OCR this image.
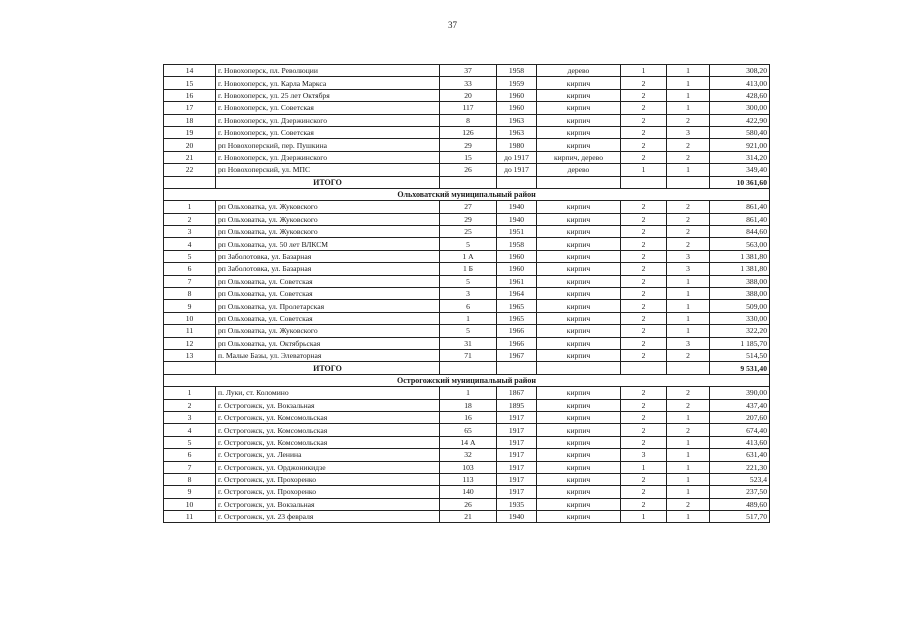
37
14	г. Новохоперск, пл. Революции	37	1958	дерево	1	1	308,20
15	г. Новохоперск, ул. Карла Маркса	33	1959	кирпич	2	1	413,00
16	г. Новохоперск, ул. 25 лет Октября	20	1960	кирпич	2	1	428,60
17	г. Новохоперск, ул. Советская	117	1960	кирпич	2	1	300,00
18	г. Новохоперск, ул. Дзержинского	8	1963	кирпич	2	2	422,90
19	г. Новохоперск, ул. Советская	126	1963	кирпич	2	3	580,40
20	рп Новохоперский, пер. Пушкина	29	1980	кирпич	2	2	921,00
21	г. Новохоперск, ул. Дзержинского	15	до 1917	кирпич, дерево	2	2	314,20
22	рп Новохоперский, ул. МПС	26	до 1917	дерево	1	1	349,40
	ИТОГО						10 361,60
Ольховатский муниципальный район							
1	рп Ольховатка, ул. Жуковского	27	1940	кирпич	2	2	861,40
2	рп Ольховатка, ул. Жуковского	29	1940	кирпич	2	2	861,40
3	рп Ольховатка, ул. Жуковского	25	1951	кирпич	2	2	844,60
4	рп Ольховатка, ул. 50 лет ВЛКСМ	5	1958	кирпич	2	2	563,00
5	рп Заболотовка, ул. Базарная	1 А	1960	кирпич	2	3	1 381,80
6	рп Заболотовка, ул. Базарная	1 Б	1960	кирпич	2	3	1 381,80
7	рп Ольховатка, ул. Советская	5	1961	кирпич	2	1	388,00
8	рп Ольховатка, ул. Советская	3	1964	кирпич	2	1	388,00
9	рп Ольховатка, ул. Пролетарская	6	1965	кирпич	2	1	509,00
10	рп Ольховатка, ул. Советская	1	1965	кирпич	2	1	330,00
11	рп Ольховатка, ул. Жуковского	5	1966	кирпич	2	1	322,20
12	рп Ольховатка, ул. Октябрьская	31	1966	кирпич	2	3	1 185,70
13	п. Малые Базы, ул. Элеваторная	71	1967	кирпич	2	2	514,50
	ИТОГО						9 531,40
Острогожский муниципальный район							
1	п. Луки, ст. Коломино	1	1867	кирпич	2	2	390,00
2	г. Острогожск, ул. Вокзальная	18	1895	кирпич	2	2	437,40
3	г. Острогожск, ул. Комсомольская	16	1917	кирпич	2	1	207,60
4	г. Острогожск, ул. Комсомольская	65	1917	кирпич	2	2	674,40
5	г. Острогожск, ул. Комсомольская	14 А	1917	кирпич	2	1	413,60
6	г. Острогожск, ул. Ленина	32	1917	кирпич	3	1	631,40
7	г. Острогожск, ул. Орджоникидзе	103	1917	кирпич	1	1	221,30
8	г. Острогожск, ул. Прохоренко	113	1917	кирпич	2	1	523,4
9	г. Острогожск, ул. Прохоренко	140	1917	кирпич	2	1	237,50
10	г. Острогожск, ул. Вокзальная	26	1935	кирпич	2	2	489,60
11	г. Острогожск, ул. 23 февраля	21	1940	кирпич	1	1	517,70
